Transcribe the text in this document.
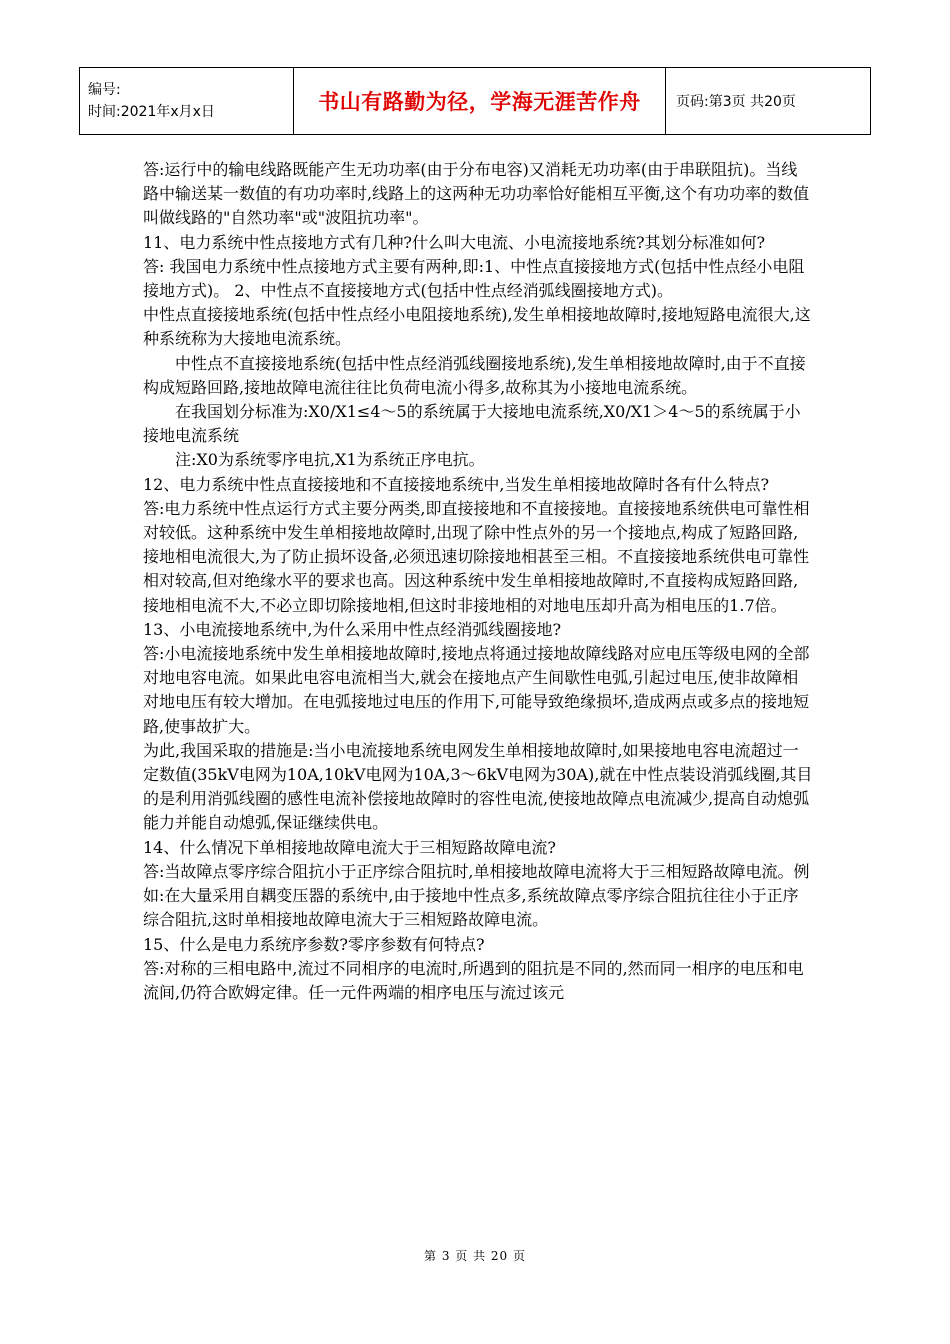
编号:
时间:2021年x月x日	书山有路勤为径，学海无涯苦作舟	页码:第3页 共20页

答:运行中的输电线路既能产生无功功率(由于分布电容)又消耗无功功率(由于串联阻抗)。当线路中输送某一数值的有功功率时,线路上的这两种无功功率恰好能相互平衡,这个有功功率的数值叫做线路的"自然功率"或"波阻抗功率"。

11、电力系统中性点接地方式有几种?什么叫大电流、小电流接地系统?其划分标准如何?

答: 我国电力系统中性点接地方式主要有两种,即:1、中性点直接接地方式(包括中性点经小电阻接地方式)。 2、中性点不直接接地方式(包括中性点经消弧线圈接地方式)。

中性点直接接地系统(包括中性点经小电阻接地系统),发生单相接地故障时,接地短路电流很大,这种系统称为大接地电流系统。

中性点不直接接地系统(包括中性点经消弧线圈接地系统),发生单相接地故障时,由于不直接构成短路回路,接地故障电流往往比负荷电流小得多,故称其为小接地电流系统。

在我国划分标准为:X0/X1≤4～5的系统属于大接地电流系统,X0/X1＞4～5的系统属于小接地电流系统

注:X0为系统零序电抗,X1为系统正序电抗。

12、电力系统中性点直接接地和不直接接地系统中,当发生单相接地故障时各有什么特点?

答:电力系统中性点运行方式主要分两类,即直接接地和不直接接地。直接接地系统供电可靠性相对较低。这种系统中发生单相接地故障时,出现了除中性点外的另一个接地点,构成了短路回路,接地相电流很大,为了防止损坏设备,必须迅速切除接地相甚至三相。不直接接地系统供电可靠性相对较高,但对绝缘水平的要求也高。因这种系统中发生单相接地故障时,不直接构成短路回路,接地相电流不大,不必立即切除接地相,但这时非接地相的对地电压却升高为相电压的1.7倍。

13、小电流接地系统中,为什么采用中性点经消弧线圈接地?

答:小电流接地系统中发生单相接地故障时,接地点将通过接地故障线路对应电压等级电网的全部对地电容电流。如果此电容电流相当大,就会在接地点产生间歇性电弧,引起过电压,使非故障相对地电压有较大增加。在电弧接地过电压的作用下,可能导致绝缘损坏,造成两点或多点的接地短路,使事故扩大。

为此,我国采取的措施是:当小电流接地系统电网发生单相接地故障时,如果接地电容电流超过一定数值(35kV电网为10A,10kV电网为10A,3～6kV电网为30A),就在中性点装设消弧线圈,其目的是利用消弧线圈的感性电流补偿接地故障时的容性电流,使接地故障点电流减少,提高自动熄弧能力并能自动熄弧,保证继续供电。

14、什么情况下单相接地故障电流大于三相短路故障电流?

答:当故障点零序综合阻抗小于正序综合阻抗时,单相接地故障电流将大于三相短路故障电流。例如:在大量采用自耦变压器的系统中,由于接地中性点多,系统故障点零序综合阻抗往往小于正序综合阻抗,这时单相接地故障电流大于三相短路故障电流。

15、什么是电力系统序参数?零序参数有何特点?

答:对称的三相电路中,流过不同相序的电流时,所遇到的阻抗是不同的,然而同一相序的电压和电流间,仍符合欧姆定律。任一元件两端的相序电压与流过该元

第 3 页 共 20 页
